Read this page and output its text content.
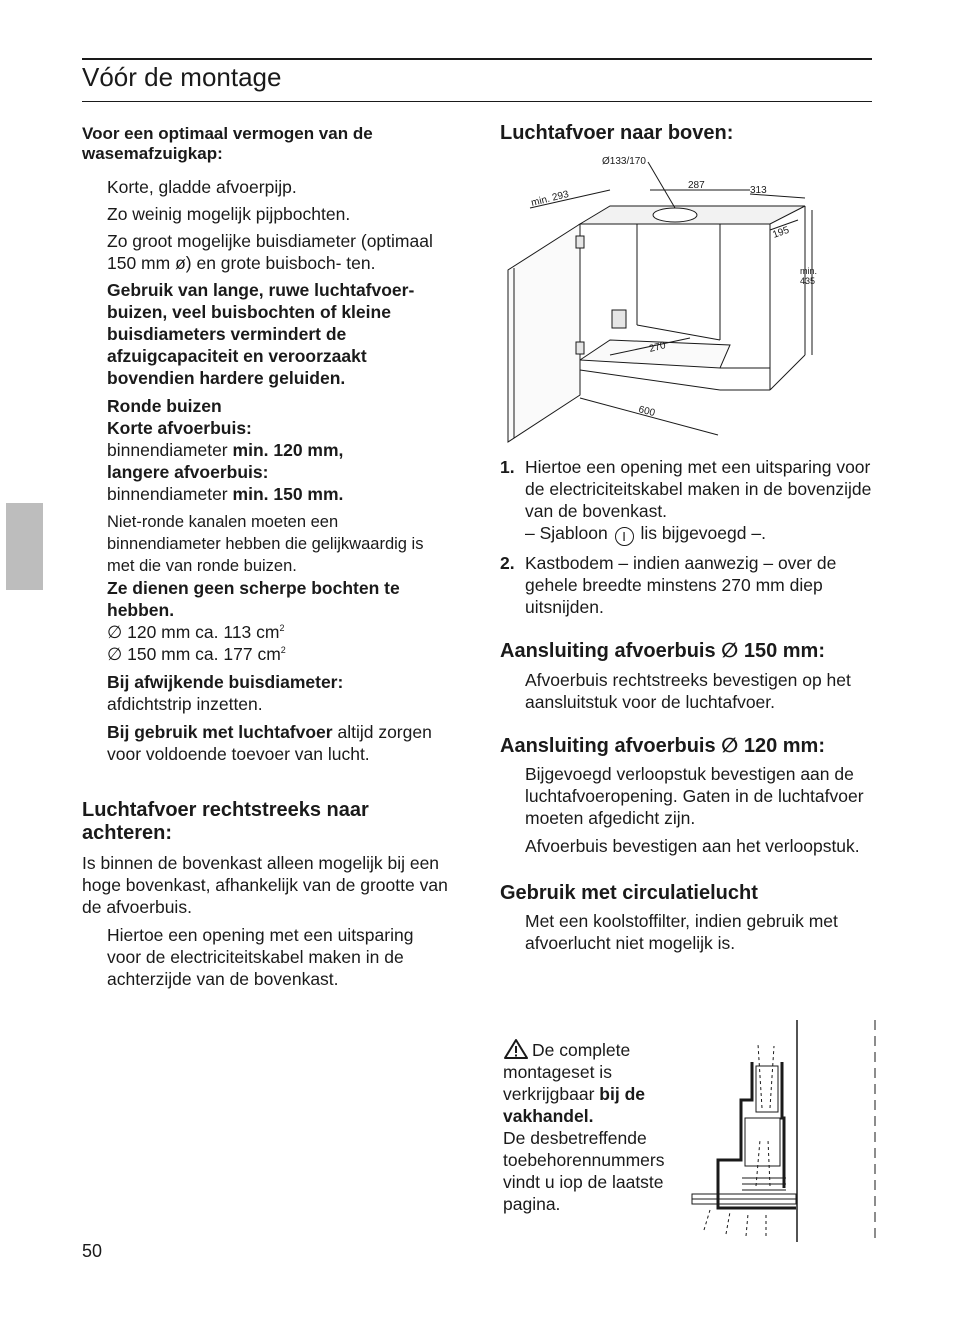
Vóór de montage

Voor een optimaal vermogen van de wasemafzuigkap:

Korte, gladde afvoerpijp.

Zo weinig mogelijk pijpbochten.

Zo groot mogelijke buisdiameter (optimaal 150 mm ø) en grote buisboch- ten.

Gebruik van lange, ruwe luchtafvoer- buizen, veel buisbochten of kleine buisdiameters vermindert de afzuigcapaciteit en veroorzaakt bovendien hardere geluiden.

Ronde buizen

Korte afvoerbuis:

binnendiameter min. 120 mm,

langere afvoerbuis:

binnendiameter min. 150 mm.

Niet-ronde kanalen moeten een binnendiameter hebben die gelijkwaardig is met die van ronde buizen.

Ze dienen geen scherpe bochten te hebben.

∅ 120 mm ca. 113 $cm^2$

∅ 150 mm ca. 177 $cm^2$

Bij afwijkende buisdiameter:

afdichtstrip inzetten.

Bij gebruik met luchtafvoer altijd zorgen voor voldoende toevoer van lucht.

Luchtafvoer rechtstreeks naar achteren:

Is binnen de bovenkast alleen mogelijk bij een hoge bovenkast, afhankelijk van de grootte van de afvoerbuis.

Hiertoe een opening met een uitsparing voor de electriciteitskabel maken in de achterzijde van de bovenkast.

Luchtafvoer naar boven:

Ø133/170
287	313
min. 293
195
min.
435
270
600
1. Hiertoe een opening met een uitsparing voor de electriciteitskabel maken in de bovenzijde van de bovenkast.

– Sjabloon I lis bijgevoegd –.

2. Kastbodem – indien aanwezig – over de gehele breedte minstens 270 mm diep uitsnijden.

Aansluiting afvoerbuis ∅ 150 mm:

Afvoerbuis rechtstreeks bevestigen op het aansluitstuk voor de luchtafvoer.

Aansluiting afvoerbuis ∅ 120 mm:

Bijgevoegd verloopstuk bevestigen aan de luchtafvoeropening. Gaten in de luchtafvoer moeten afgedicht zijn.

Afvoerbuis bevestigen aan het verloopstuk.

Gebruik met circulatielucht

Met een koolstoffilter, indien gebruik met afvoerlucht niet mogelijk is.

De complete montageset is verkrijgbaar bij de vakhandel.

De desbetreffende toebehorennummers vindt u iop de laatste pagina.

50
